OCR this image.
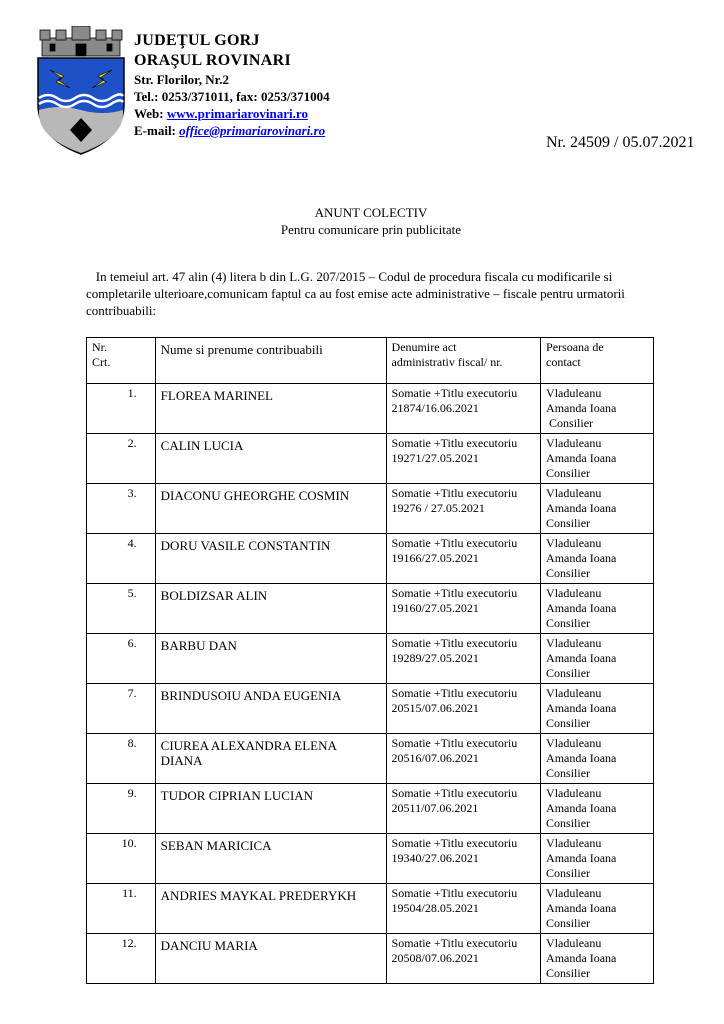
JUDEŢUL GORJ
ORAŞUL ROVINARI
Str. Florilor, Nr.2
Tel.: 0253/371011, fax: 0253/371004
Web: www.primariarovinari.ro
E-mail: office@primariarovinari.ro
Nr. 24509 / 05.07.2021
ANUNT COLECTIV
Pentru comunicare prin publicitate
In temeiul art. 47 alin (4) litera b din L.G. 207/2015 – Codul de procedura fiscala cu modificarile si completarile ulterioare,comunicam faptul ca au fost emise acte administrative – fiscale pentru urmatorii contribuabili:
Nr.
Crt.	Nume si prenume contribuabili	Denumire act
administrativ fiscal/ nr.	Persoana de
contact
1.	FLOREA MARINEL	Somatie +Titlu executoriu
21874/16.06.2021	Vladuleanu
Amanda Ioana
Consilier
2.	CALIN LUCIA	Somatie +Titlu executoriu
19271/27.05.2021	Vladuleanu
Amanda Ioana
Consilier
3.	DIACONU GHEORGHE COSMIN	Somatie +Titlu executoriu
19276 / 27.05.2021	Vladuleanu
Amanda Ioana
Consilier
4.	DORU VASILE CONSTANTIN	Somatie +Titlu executoriu
19166/27.05.2021	Vladuleanu
Amanda Ioana
Consilier
5.	BOLDIZSAR ALIN	Somatie +Titlu executoriu
19160/27.05.2021	Vladuleanu
Amanda Ioana
Consilier
6.	BARBU DAN	Somatie +Titlu executoriu
19289/27.05.2021	Vladuleanu
Amanda Ioana
Consilier
7.	BRINDUSOIU ANDA EUGENIA	Somatie +Titlu executoriu
20515/07.06.2021	Vladuleanu
Amanda Ioana
Consilier
8.	CIUREA ALEXANDRA ELENA DIANA	Somatie +Titlu executoriu
20516/07.06.2021	Vladuleanu
Amanda Ioana
Consilier
9.	TUDOR CIPRIAN LUCIAN	Somatie +Titlu executoriu
20511/07.06.2021	Vladuleanu
Amanda Ioana
Consilier
10.	SEBAN MARICICA	Somatie +Titlu executoriu
19340/27.06.2021	Vladuleanu
Amanda Ioana
Consilier
11.	ANDRIES MAYKAL PREDERYKH	Somatie +Titlu executoriu
19504/28.05.2021	Vladuleanu
Amanda Ioana
Consilier
12.	DANCIU MARIA	Somatie +Titlu executoriu
20508/07.06.2021	Vladuleanu
Amanda Ioana
Consilier
